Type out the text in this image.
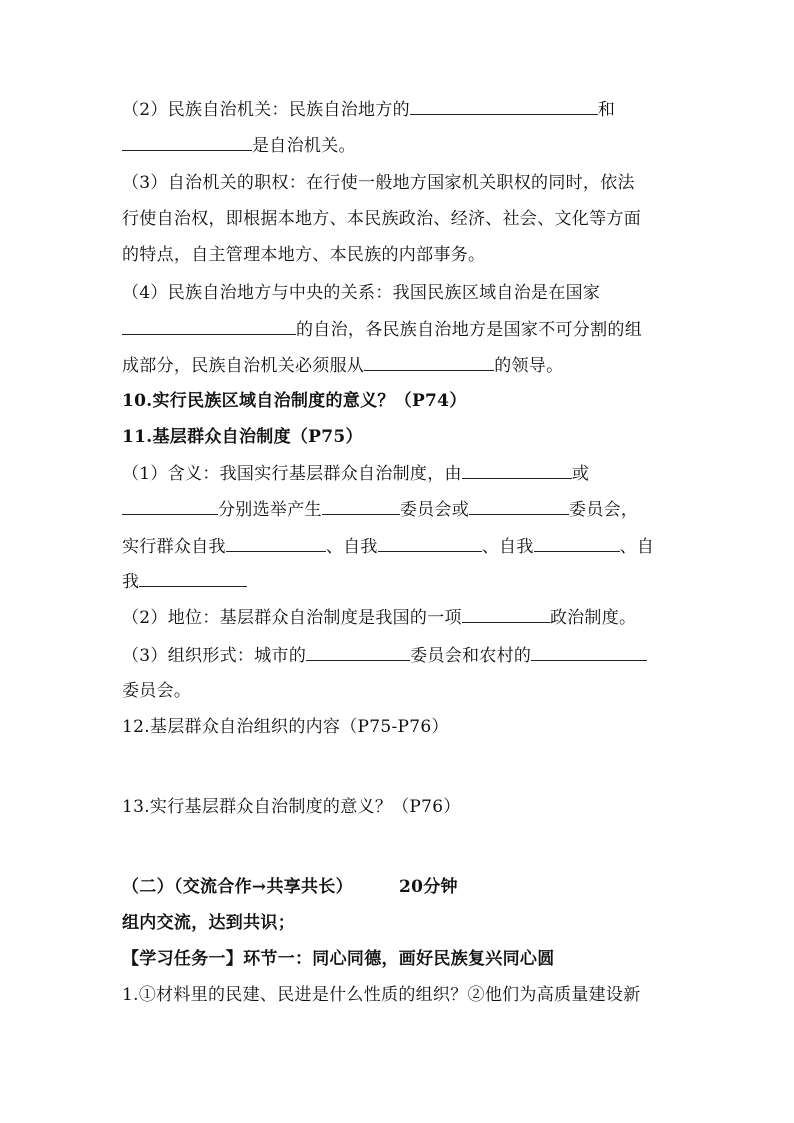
（2）民族自治机关：民族自治地方的	和
是自治机关。
（3）自治机关的职权：在行使一般地方国家机关职权的同时，依法
行使自治权，即根据本地方、本民族政治、经济、社会、文化等方面
的特点，自主管理本地方、本民族的内部事务。
（4）民族自治地方与中央的关系：我国民族区域自治是在国家
的自治，各民族自治地方是国家不可分割的组
成部分，民族自治机关必须服从	的领导。
10.实行民族区域自治制度的意义？（P74）
11.基层群众自治制度（P75）
（1）含义：我国实行基层群众自治制度，由	或
分别选举产生	委员会或	委员会，
实行群众自我	、自我	、自我	、自
我
（2）地位：基层群众自治制度是我国的一项	政治制度。
（3）组织形式：城市的	委员会和农村的
委员会。
12.基层群众自治组织的内容（P75-P76）
13.实行基层群众自治制度的意义？（P76）
（二）（交流合作→共享共长）	20分钟
组内交流，达到共识；
【学习任务一】环节一：同心同德，画好民族复兴同心圆
1.①材料里的民建、民进是什么性质的组织？②他们为高质量建设新
